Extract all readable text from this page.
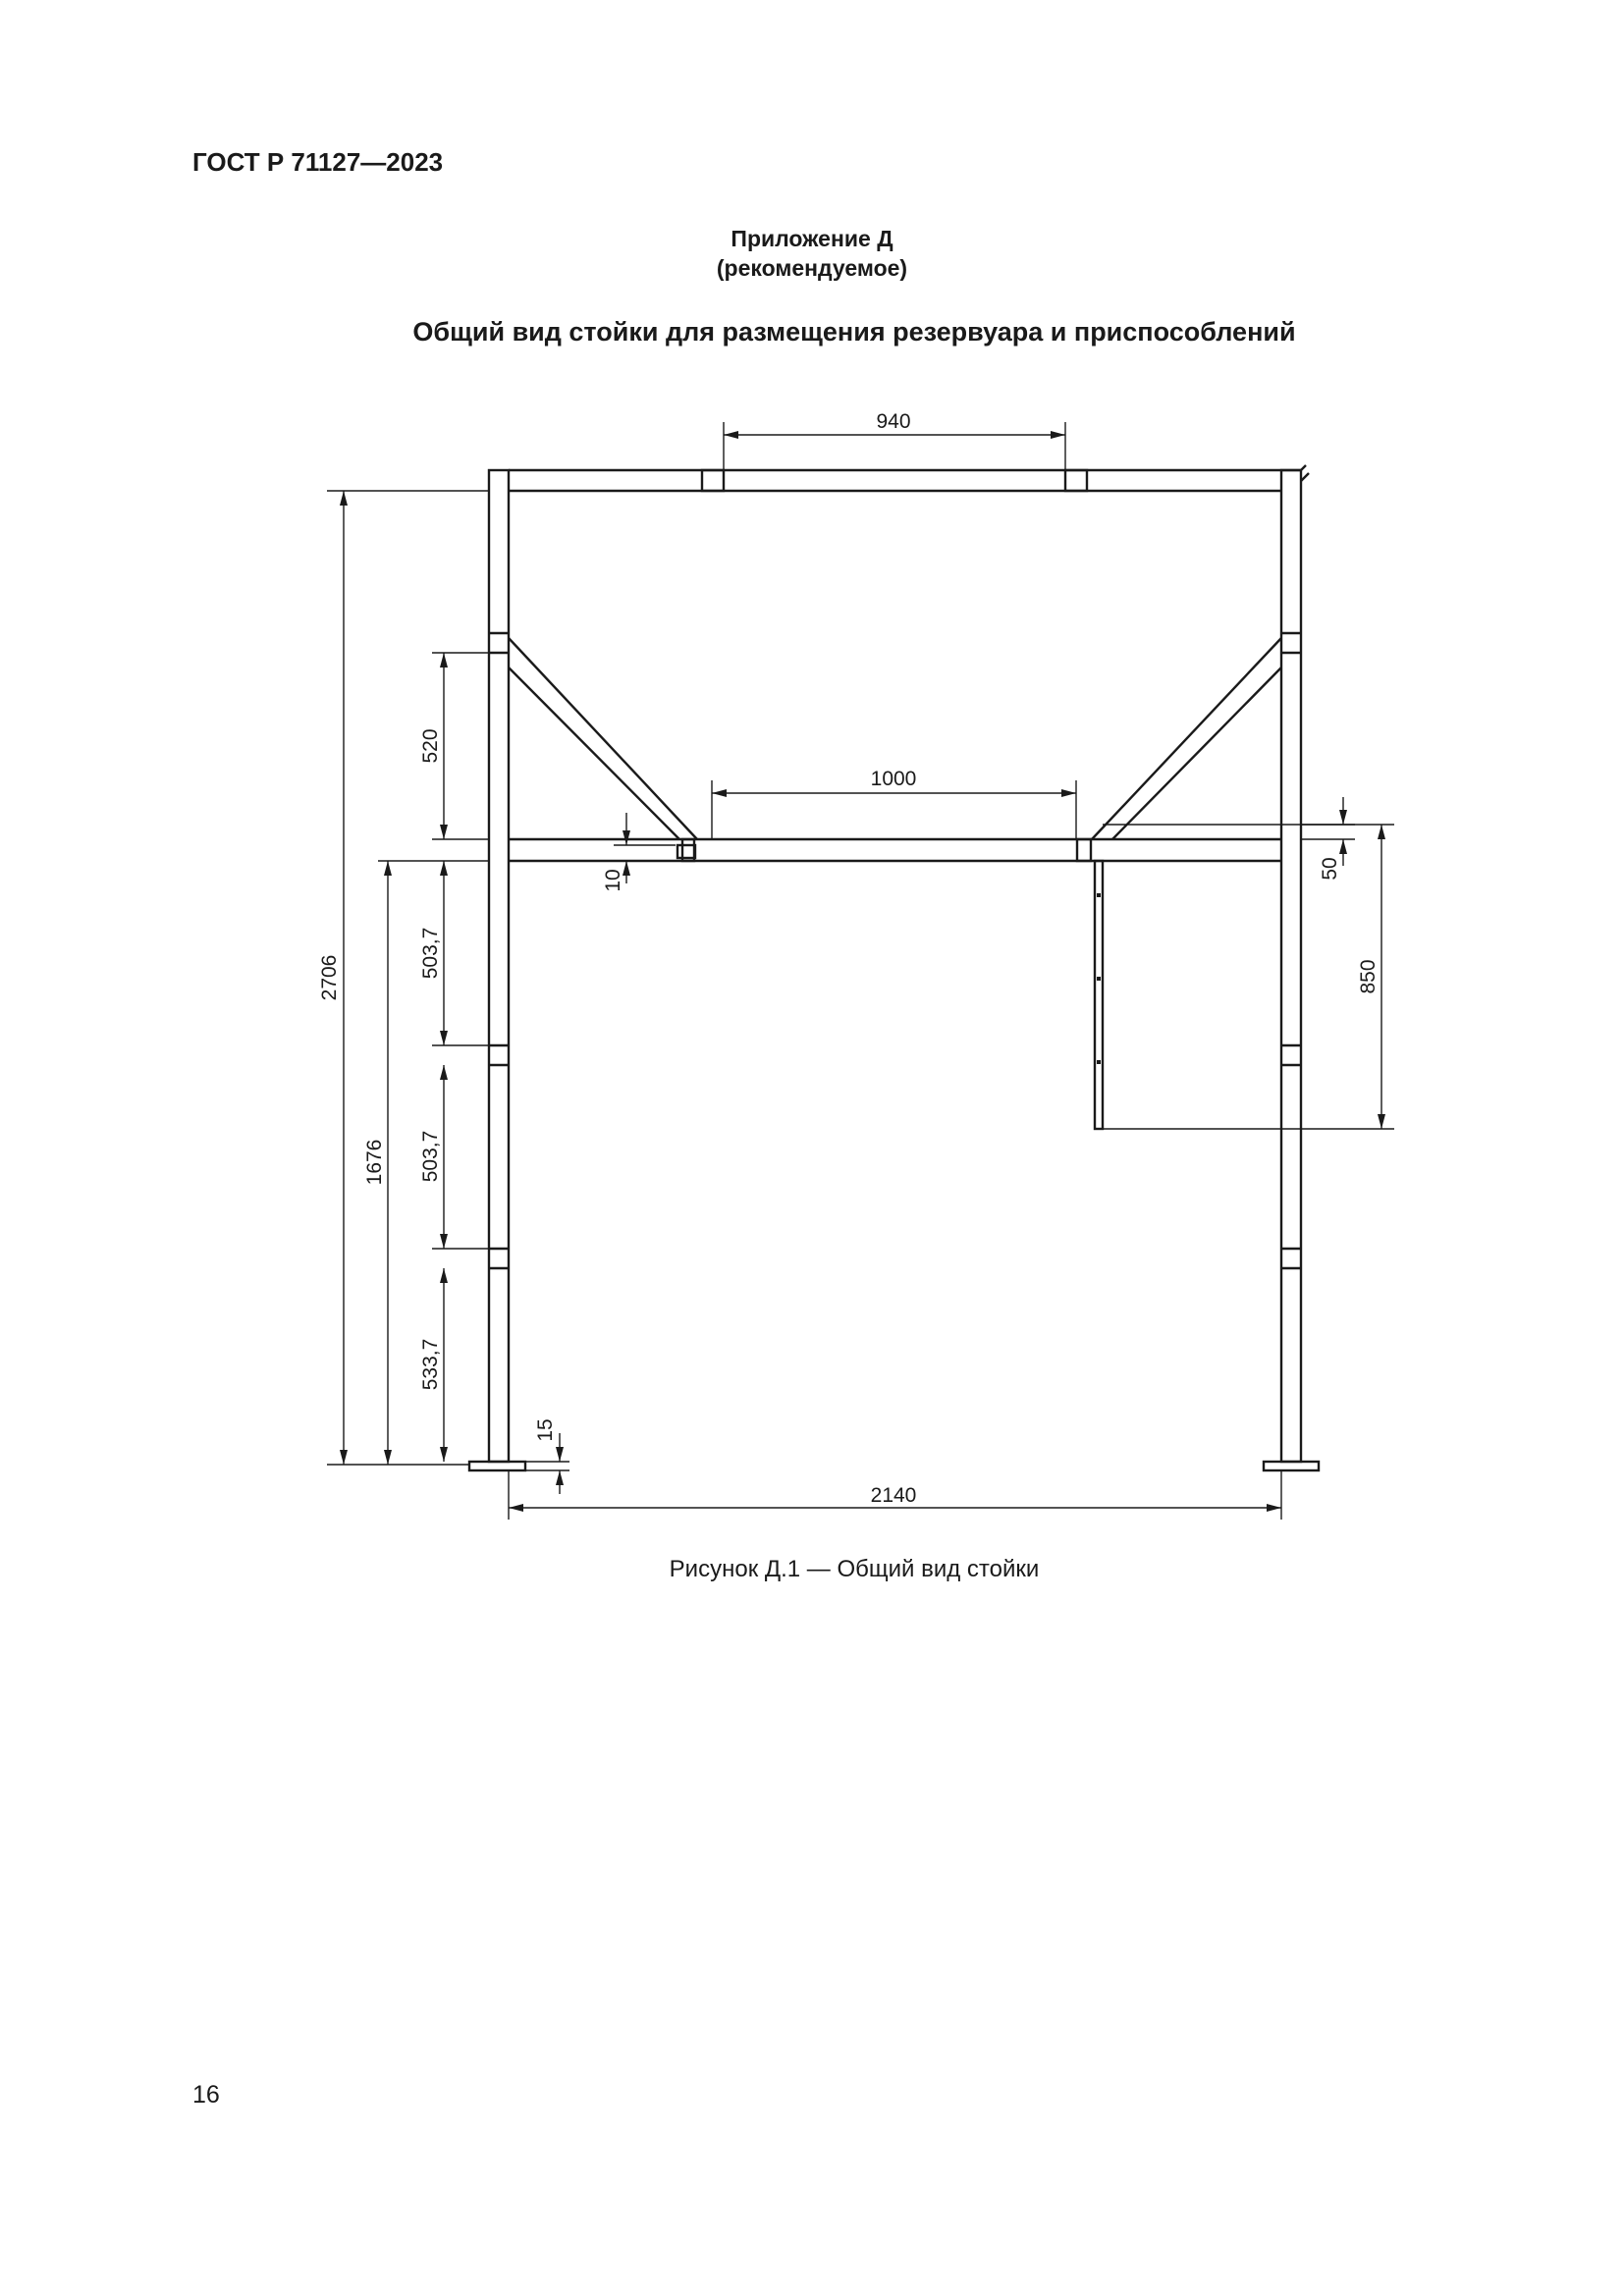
ГОСТ Р 71127—2023
Приложение Д
(рекомендуемое)
Общий вид стойки для размещения резервуара и приспособлений
940
1000
2140
2706
1676
520
503,7
503,7
533,7
15
10
50
850
Рисунок Д.1 — Общий вид стойки
16
